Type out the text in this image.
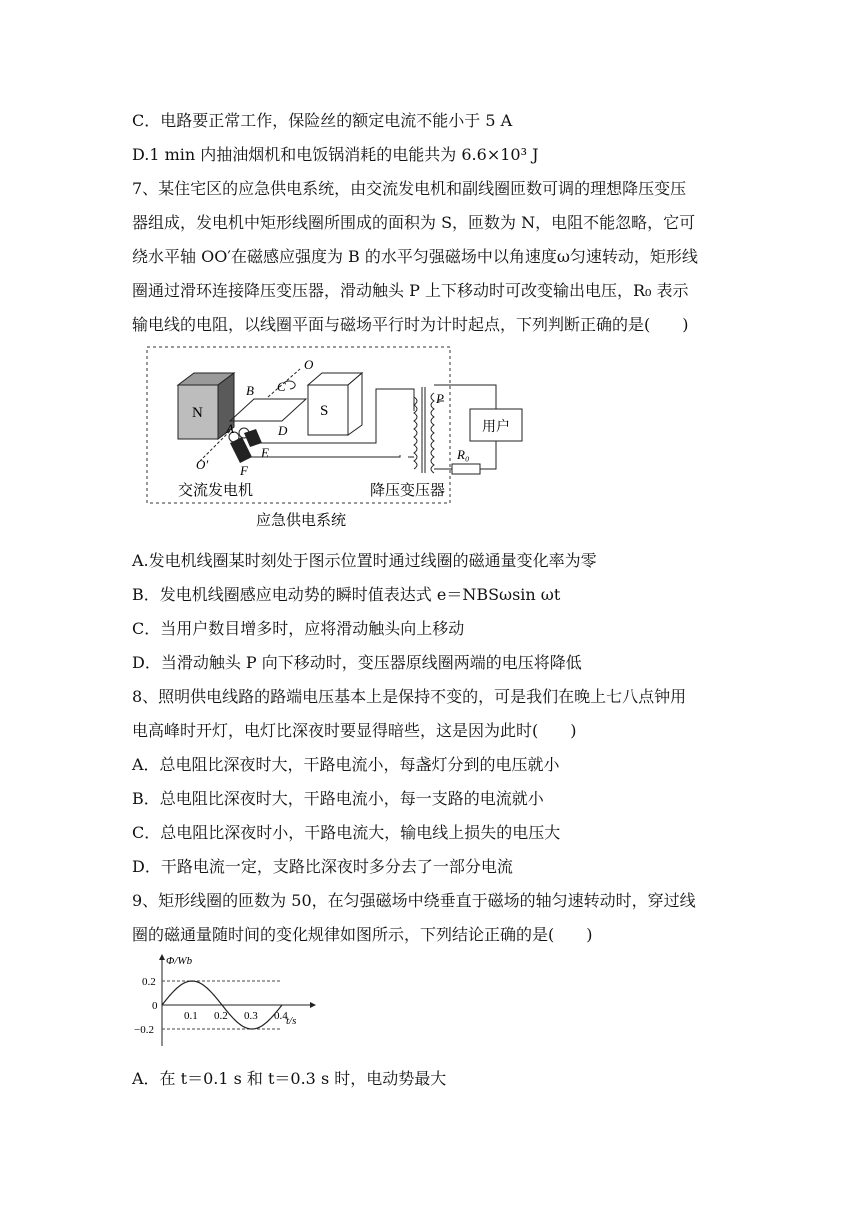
C．电路要正常工作，保险丝的额定电流不能小于 5 A
D.1 min 内抽油烟机和电饭锅消耗的电能共为 6.6×10³ J
7、某住宅区的应急供电系统，由交流发电机和副线圈匝数可调的理想降压变压
器组成，发电机中矩形线圈所围成的面积为 S，匝数为 N，电阻不能忽略，它可
绕水平轴 OO′在磁感应强度为 B 的水平匀强磁场中以角速度ω匀速转动，矩形线
圈通过滑环连接降压变压器，滑动触头 P 上下移动时可改变输出电压，R₀ 表示
输电线的电阻，以线圈平面与磁场平行时为计时起点，下列判断正确的是(　　)
N
B C
O
A	D
E
F
O′
S
P
用户
R₀
交流发电机	降压变压器
应急供电系统
A.发电机线圈某时刻处于图示位置时通过线圈的磁通量变化率为零
B．发电机线圈感应电动势的瞬时值表达式 e＝NBSωsin ωt
C．当用户数目增多时，应将滑动触头向上移动
D．当滑动触头 P 向下移动时，变压器原线圈两端的电压将降低
8、照明供电线路的路端电压基本上是保持不变的，可是我们在晚上七八点钟用
电高峰时开灯，电灯比深夜时要显得暗些，这是因为此时(　　)
A．总电阻比深夜时大，干路电流小，每盏灯分到的电压就小
B．总电阻比深夜时大，干路电流小，每一支路的电流就小
C．总电阻比深夜时小，干路电流大，输电线上损失的电压大
D．干路电流一定，支路比深夜时多分去了一部分电流
9、矩形线圈的匝数为 50，在匀强磁场中绕垂直于磁场的轴匀速转动时，穿过线
圈的磁通量随时间的变化规律如图所示，下列结论正确的是(　　)
Φ/Wb
t/s
0.2
0
−0.2
0.1 0.2 0.3 0.4
A．在 t＝0.1 s 和 t＝0.3 s 时，电动势最大
